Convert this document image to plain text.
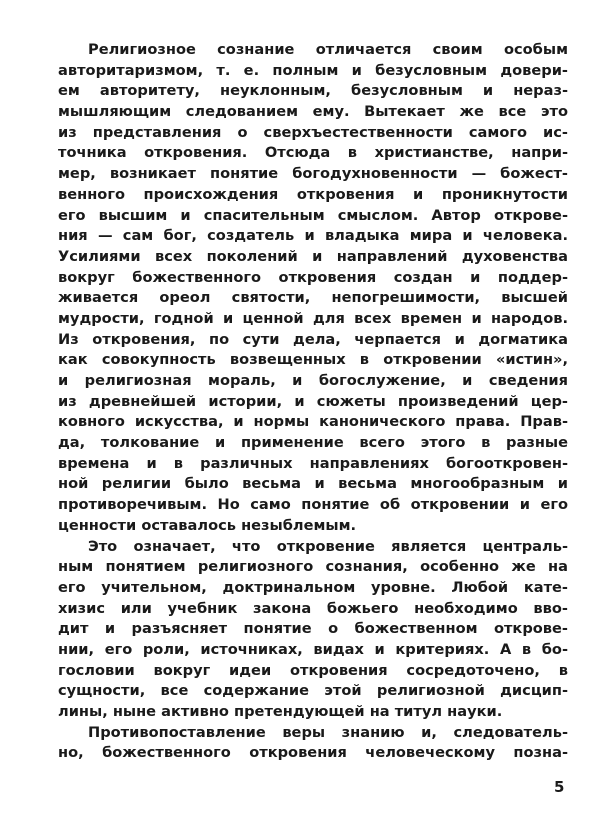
Религиозное сознание отличается своим особым
авторитаризмом, т. е. полным и безусловным довери-
ем авторитету, неуклонным, безусловным и нераз-
мышляющим следованием ему. Вытекает же все это
из представления о сверхъестественности самого ис-
точника откровения. Отсюда в христианстве, напри-
мер, возникает понятие богодухновенности — божест-
венного происхождения откровения и проникнутости
его высшим и спасительным смыслом. Автор открове-
ния — сам бог, создатель и владыка мира и человека.
Усилиями всех поколений и направлений духовенства
вокруг божественного откровения создан и поддер-
живается ореол святости, непогрешимости, высшей
мудрости, годной и ценной для всех времен и народов.
Из откровения, по сути дела, черпается и догматика
как совокупность возвещенных в откровении «истин»,
и религиозная мораль, и богослужение, и сведения
из древнейшей истории, и сюжеты произведений цер-
ковного искусства, и нормы канонического права. Прав-
да, толкование и применение всего этого в разные
времена и в различных направлениях богооткровен-
ной религии было весьма и весьма многообразным и
противоречивым. Но само понятие об откровении и его
ценности оставалось незыблемым.
Это означает, что откровение является централь-
ным понятием религиозного сознания, особенно же на
его учительном, доктринальном уровне. Любой кате-
хизис или учебник закона божьего необходимо вво-
дит и разъясняет понятие о божественном открове-
нии, его роли, источниках, видах и критериях. А в бо-
гословии вокруг идеи откровения сосредоточено, в
сущности, все содержание этой религиозной дисцип-
лины, ныне активно претендующей на титул науки.
Противопоставление веры знанию и, следователь-
но, божественного откровения человеческому позна-
5
